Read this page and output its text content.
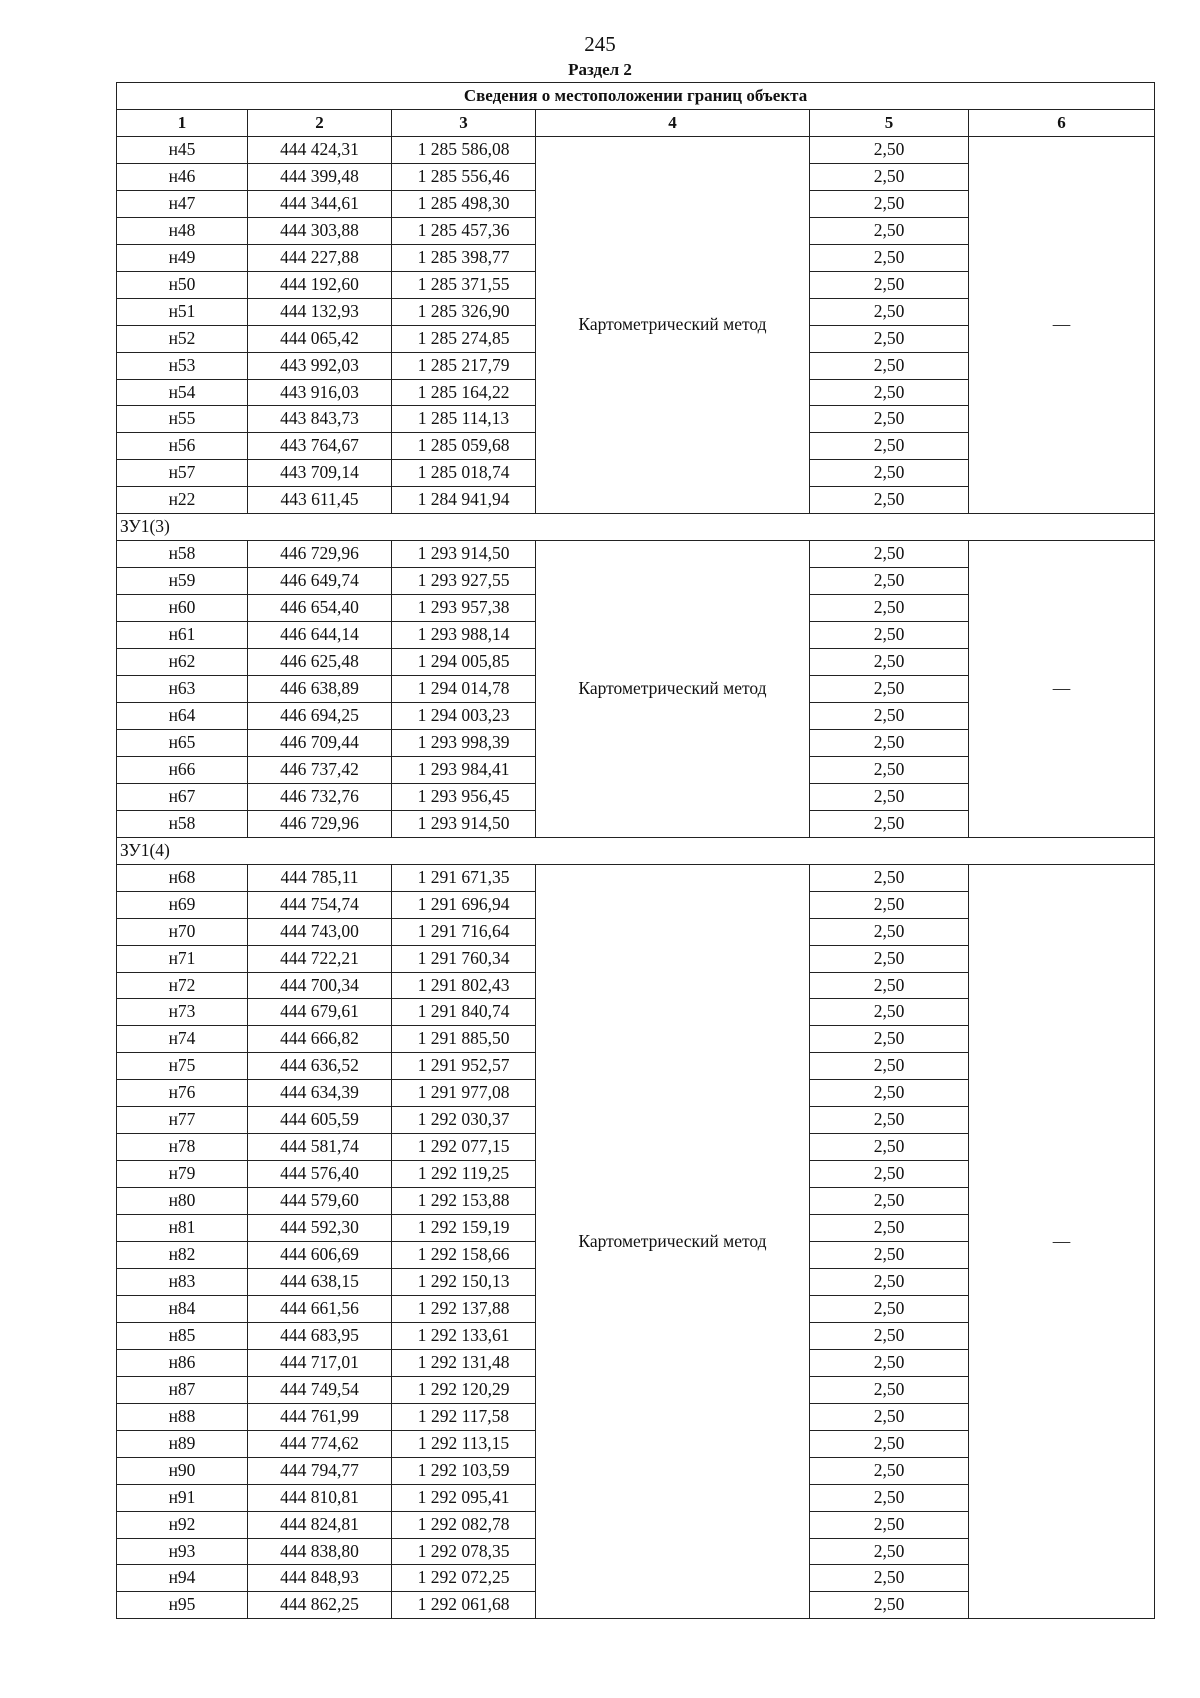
245
Раздел 2
Сведения о местоположении границ объекта					
1	2	3	4	5	6
н45	444 424,31	1 285 586,08	Картометрический метод	2,50	—
н46	444 399,48	1 285 556,46		2,50	
н47	444 344,61	1 285 498,30		2,50	
н48	444 303,88	1 285 457,36		2,50	
н49	444 227,88	1 285 398,77		2,50	
н50	444 192,60	1 285 371,55		2,50	
н51	444 132,93	1 285 326,90		2,50	
н52	444 065,42	1 285 274,85		2,50	
н53	443 992,03	1 285 217,79		2,50	
н54	443 916,03	1 285 164,22		2,50	
н55	443 843,73	1 285 114,13		2,50	
н56	443 764,67	1 285 059,68		2,50	
н57	443 709,14	1 285 018,74		2,50	
н22	443 611,45	1 284 941,94		2,50	
ЗУ1(3)					
н58	446 729,96	1 293 914,50	Картометрический метод	2,50	—
н59	446 649,74	1 293 927,55		2,50	
н60	446 654,40	1 293 957,38		2,50	
н61	446 644,14	1 293 988,14		2,50	
н62	446 625,48	1 294 005,85		2,50	
н63	446 638,89	1 294 014,78		2,50	
н64	446 694,25	1 294 003,23		2,50	
н65	446 709,44	1 293 998,39		2,50	
н66	446 737,42	1 293 984,41		2,50	
н67	446 732,76	1 293 956,45		2,50	
н58	446 729,96	1 293 914,50		2,50	
ЗУ1(4)					
н68	444 785,11	1 291 671,35	Картометрический метод	2,50	—
н69	444 754,74	1 291 696,94		2,50	
н70	444 743,00	1 291 716,64		2,50	
н71	444 722,21	1 291 760,34		2,50	
н72	444 700,34	1 291 802,43		2,50	
н73	444 679,61	1 291 840,74		2,50	
н74	444 666,82	1 291 885,50		2,50	
н75	444 636,52	1 291 952,57		2,50	
н76	444 634,39	1 291 977,08		2,50	
н77	444 605,59	1 292 030,37		2,50	
н78	444 581,74	1 292 077,15		2,50	
н79	444 576,40	1 292 119,25		2,50	
н80	444 579,60	1 292 153,88		2,50	
н81	444 592,30	1 292 159,19		2,50	
н82	444 606,69	1 292 158,66		2,50	
н83	444 638,15	1 292 150,13		2,50	
н84	444 661,56	1 292 137,88		2,50	
н85	444 683,95	1 292 133,61		2,50	
н86	444 717,01	1 292 131,48		2,50	
н87	444 749,54	1 292 120,29		2,50	
н88	444 761,99	1 292 117,58		2,50	
н89	444 774,62	1 292 113,15		2,50	
н90	444 794,77	1 292 103,59		2,50	
н91	444 810,81	1 292 095,41		2,50	
н92	444 824,81	1 292 082,78		2,50	
н93	444 838,80	1 292 078,35		2,50	
н94	444 848,93	1 292 072,25		2,50	
н95	444 862,25	1 292 061,68		2,50	
